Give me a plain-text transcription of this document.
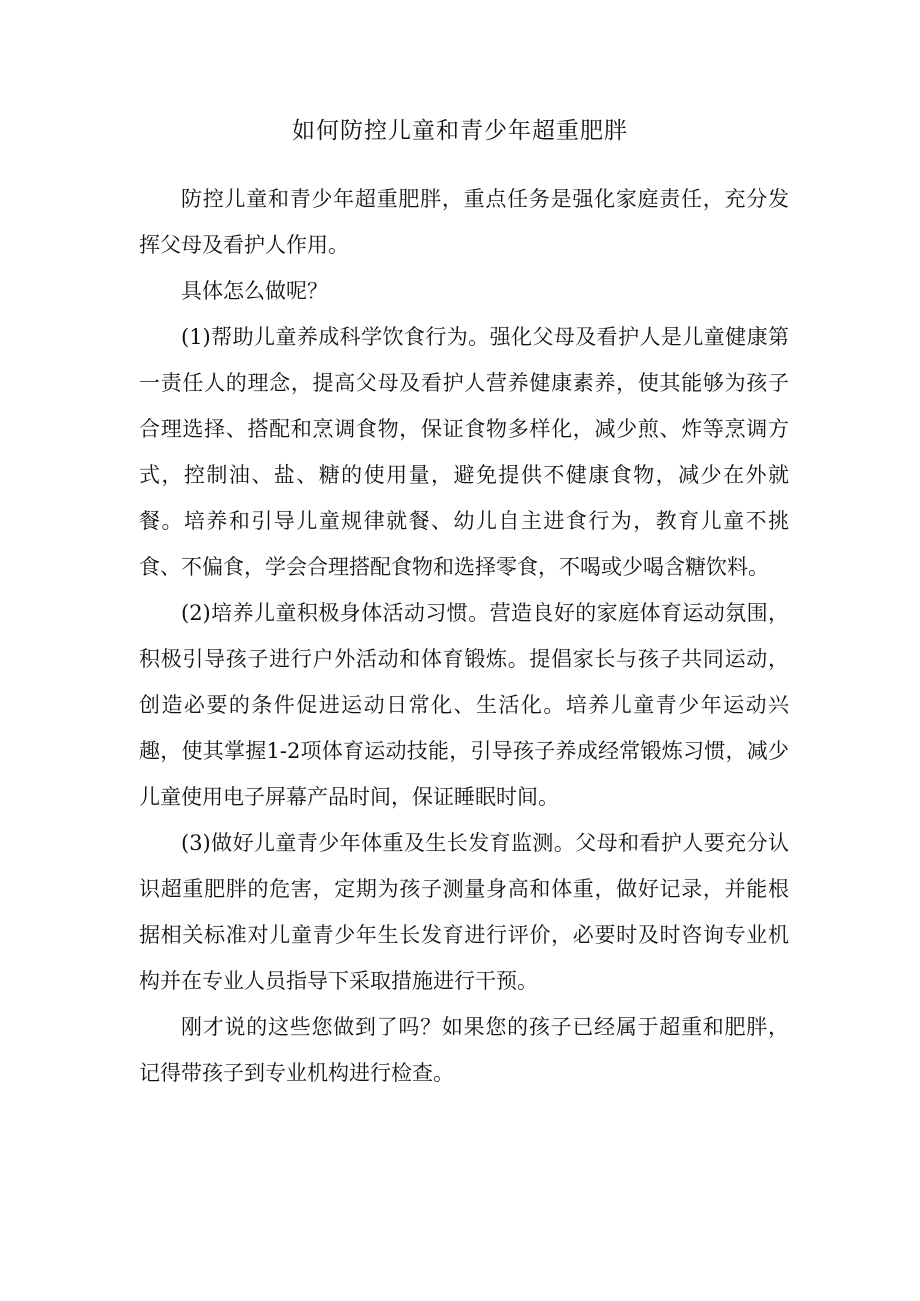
如何防控儿童和青少年超重肥胖

防控儿童和青少年超重肥胖，重点任务是强化家庭责任，充分发挥父母及看护人作用。

具体怎么做呢？

(1)帮助儿童养成科学饮食行为。强化父母及看护人是儿童健康第一责任人的理念，提高父母及看护人营养健康素养，使其能够为孩子合理选择、搭配和烹调食物，保证食物多样化，减少煎、炸等烹调方式，控制油、盐、糖的使用量，避免提供不健康食物，减少在外就餐。培养和引导儿童规律就餐、幼儿自主进食行为，教育儿童不挑食、不偏食，学会合理搭配食物和选择零食，不喝或少喝含糖饮料。

(2)培养儿童积极身体活动习惯。营造良好的家庭体育运动氛围，积极引导孩子进行户外活动和体育锻炼。提倡家长与孩子共同运动，创造必要的条件促进运动日常化、生活化。培养儿童青少年运动兴趣，使其掌握1-2项体育运动技能，引导孩子养成经常锻炼习惯，减少儿童使用电子屏幕产品时间，保证睡眠时间。

(3)做好儿童青少年体重及生长发育监测。父母和看护人要充分认识超重肥胖的危害，定期为孩子测量身高和体重，做好记录，并能根据相关标准对儿童青少年生长发育进行评价，必要时及时咨询专业机构并在专业人员指导下采取措施进行干预。

刚才说的这些您做到了吗？如果您的孩子已经属于超重和肥胖，记得带孩子到专业机构进行检查。
